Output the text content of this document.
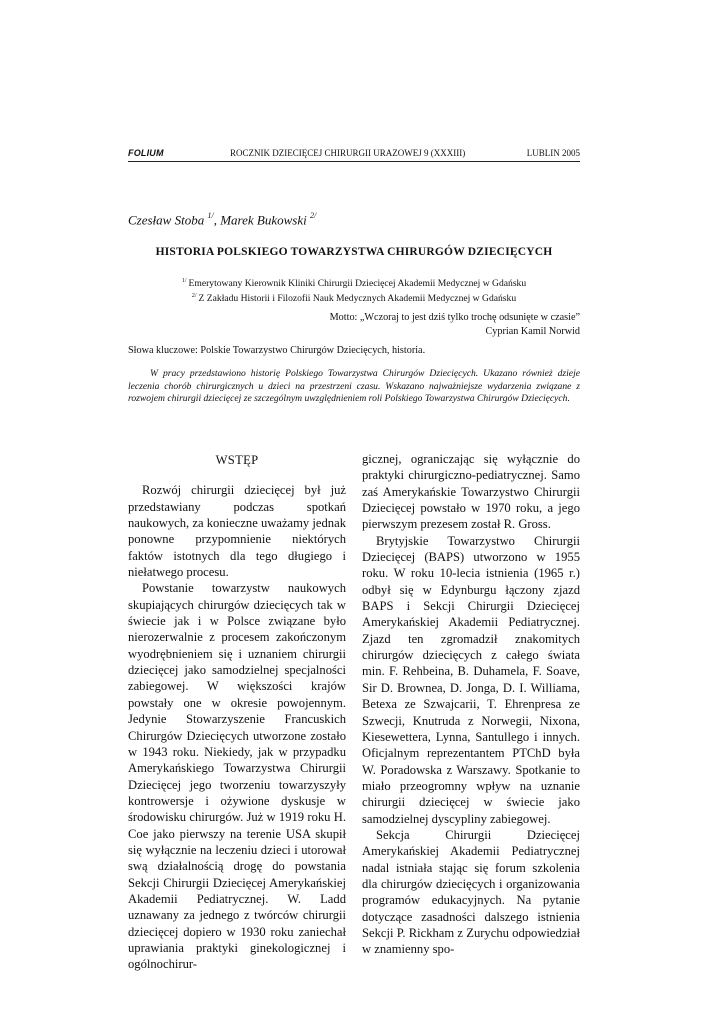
FOLIUM	ROCZNIK DZIECIĘCEJ CHIRURGII URAZOWEJ 9 (XXXIII)	LUBLIN 2005
Czesław Stoba $^{1/}$, Marek Bukowski $^{2/}$
HISTORIA POLSKIEGO TOWARZYSTWA CHIRURGÓW DZIECIĘCYCH
$^{1/}$ Emerytowany Kierownik Kliniki Chirurgii Dziecięcej Akademii Medycznej w Gdańsku
$^{2/}$ Z Zakładu Historii i Filozofii Nauk Medycznych Akademii Medycznej w Gdańsku
Motto: „Wczoraj to jest dziś tylko trochę odsunięte w czasie”
Cyprian Kamil Norwid
Słowa kluczowe: Polskie Towarzystwo Chirurgów Dziecięcych, historia.
W pracy przedstawiono historię Polskiego Towarzystwa Chirurgów Dziecięcych. Ukazano również dzieje leczenia chorób chirurgicznych u dzieci na przestrzeni czasu. Wskazano najważniejsze wydarzenia związane z rozwojem chirurgii dziecięcej ze szczególnym uwzględnieniem roli Polskiego Towarzystwa Chirurgów Dziecięcych.
WSTĘP

Rozwój chirurgii dziecięcej był już przedstawiany podczas spotkań naukowych, za konieczne uważamy jednak ponowne przypomnienie niektórych faktów istotnych dla tego długiego i niełatwego procesu.

Powstanie towarzystw naukowych skupiających chirurgów dziecięcych tak w świecie jak i w Polsce związane było nierozerwalnie z procesem zakończonym wyodrębnieniem się i uznaniem chirurgii dziecięcej jako samodzielnej specjalności zabiegowej. W większości krajów powstały one w okresie powojennym. Jedynie Stowarzyszenie Francuskich Chirurgów Dziecięcych utworzone zostało w 1943 roku. Niekiedy, jak w przypadku Amerykańskiego Towarzystwa Chirurgii Dziecięcej jego tworzeniu towarzyszyły kontrowersje i ożywione dyskusje w środowisku chirurgów. Już w 1919 roku H. Coe jako pierwszy na terenie USA skupił się wyłącznie na leczeniu dzieci i utorował swą działalnością drogę do powstania Sekcji Chirurgii Dziecięcej Amerykańskiej Akademii Pediatrycznej. W. Ladd uznawany za jednego z twórców chirurgii dziecięcej dopiero w 1930 roku zaniechał uprawiania praktyki ginekologicznej i ogólnochirur-

gicznej, ograniczając się wyłącznie do praktyki chirurgiczno-pediatrycznej. Samo zaś Amerykańskie Towarzystwo Chirurgii Dziecięcej powstało w 1970 roku, a jego pierwszym prezesem został R. Gross.

Brytyjskie Towarzystwo Chirurgii Dziecięcej (BAPS) utworzono w 1955 roku. W roku 10-lecia istnienia (1965 r.) odbył się w Edynburgu łączony zjazd BAPS i Sekcji Chirurgii Dziecięcej Amerykańskiej Akademii Pediatrycznej. Zjazd ten zgromadził znakomitych chirurgów dziecięcych z całego świata min. F. Rehbeina, B. Duhamela, F. Soave, Sir D. Brownea, D. Jonga, D. I. Williama, Betexa ze Szwajcarii, T. Ehrenpresa ze Szwecji, Knutruda z Norwegii, Nixona, Kiesewettera, Lynna, Santullego i innych. Oficjalnym reprezentantem PTChD była W. Poradowska z Warszawy. Spotkanie to miało przeogromny wpływ na uznanie chirurgii dziecięcej w świecie jako samodzielnej dyscypliny zabiegowej.

Sekcja Chirurgii Dziecięcej Amerykańskiej Akademii Pediatrycznej nadal istniała stając się forum szkolenia dla chirurgów dziecięcych i organizowania programów edukacyjnych. Na pytanie dotyczące zasadności dalszego istnienia Sekcji P. Rickham z Zurychu odpowiedział w znamienny spo-
